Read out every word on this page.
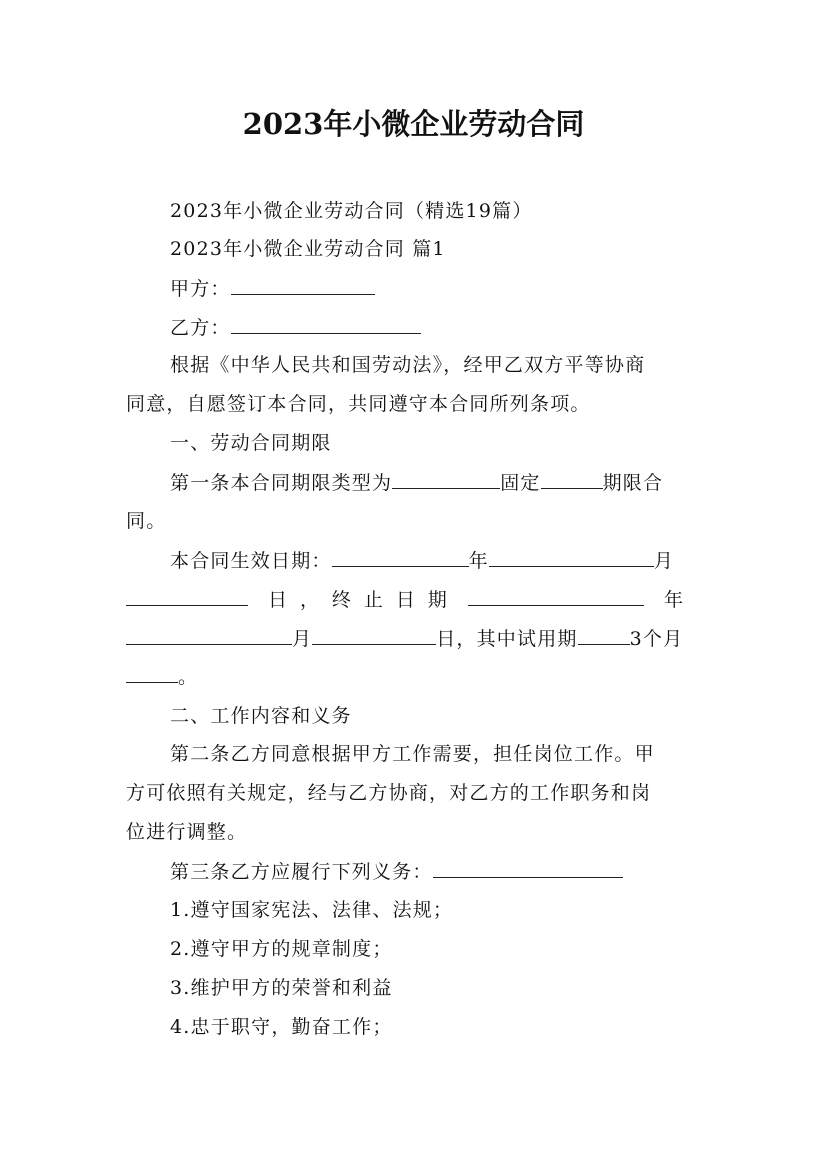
2023年小微企业劳动合同
2023年小微企业劳动合同（精选19篇）
2023年小微企业劳动合同 篇1
甲方：
乙方：
根据《中华人民共和国劳动法》，经甲乙双方平等协商
同意，自愿签订本合同，共同遵守本合同所列条项。
一、劳动合同期限
第一条本合同期限类型为	固定	期限合
同。
本合同生效日期：	年	月
日，终止日期	年
月	日，其中试用期	3个月
。
二、工作内容和义务
第二条乙方同意根据甲方工作需要，担任岗位工作。甲
方可依照有关规定，经与乙方协商，对乙方的工作职务和岗
位进行调整。
第三条乙方应履行下列义务：
1.遵守国家宪法、法律、法规；
2.遵守甲方的规章制度；
3.维护甲方的荣誉和利益
4.忠于职守，勤奋工作；
